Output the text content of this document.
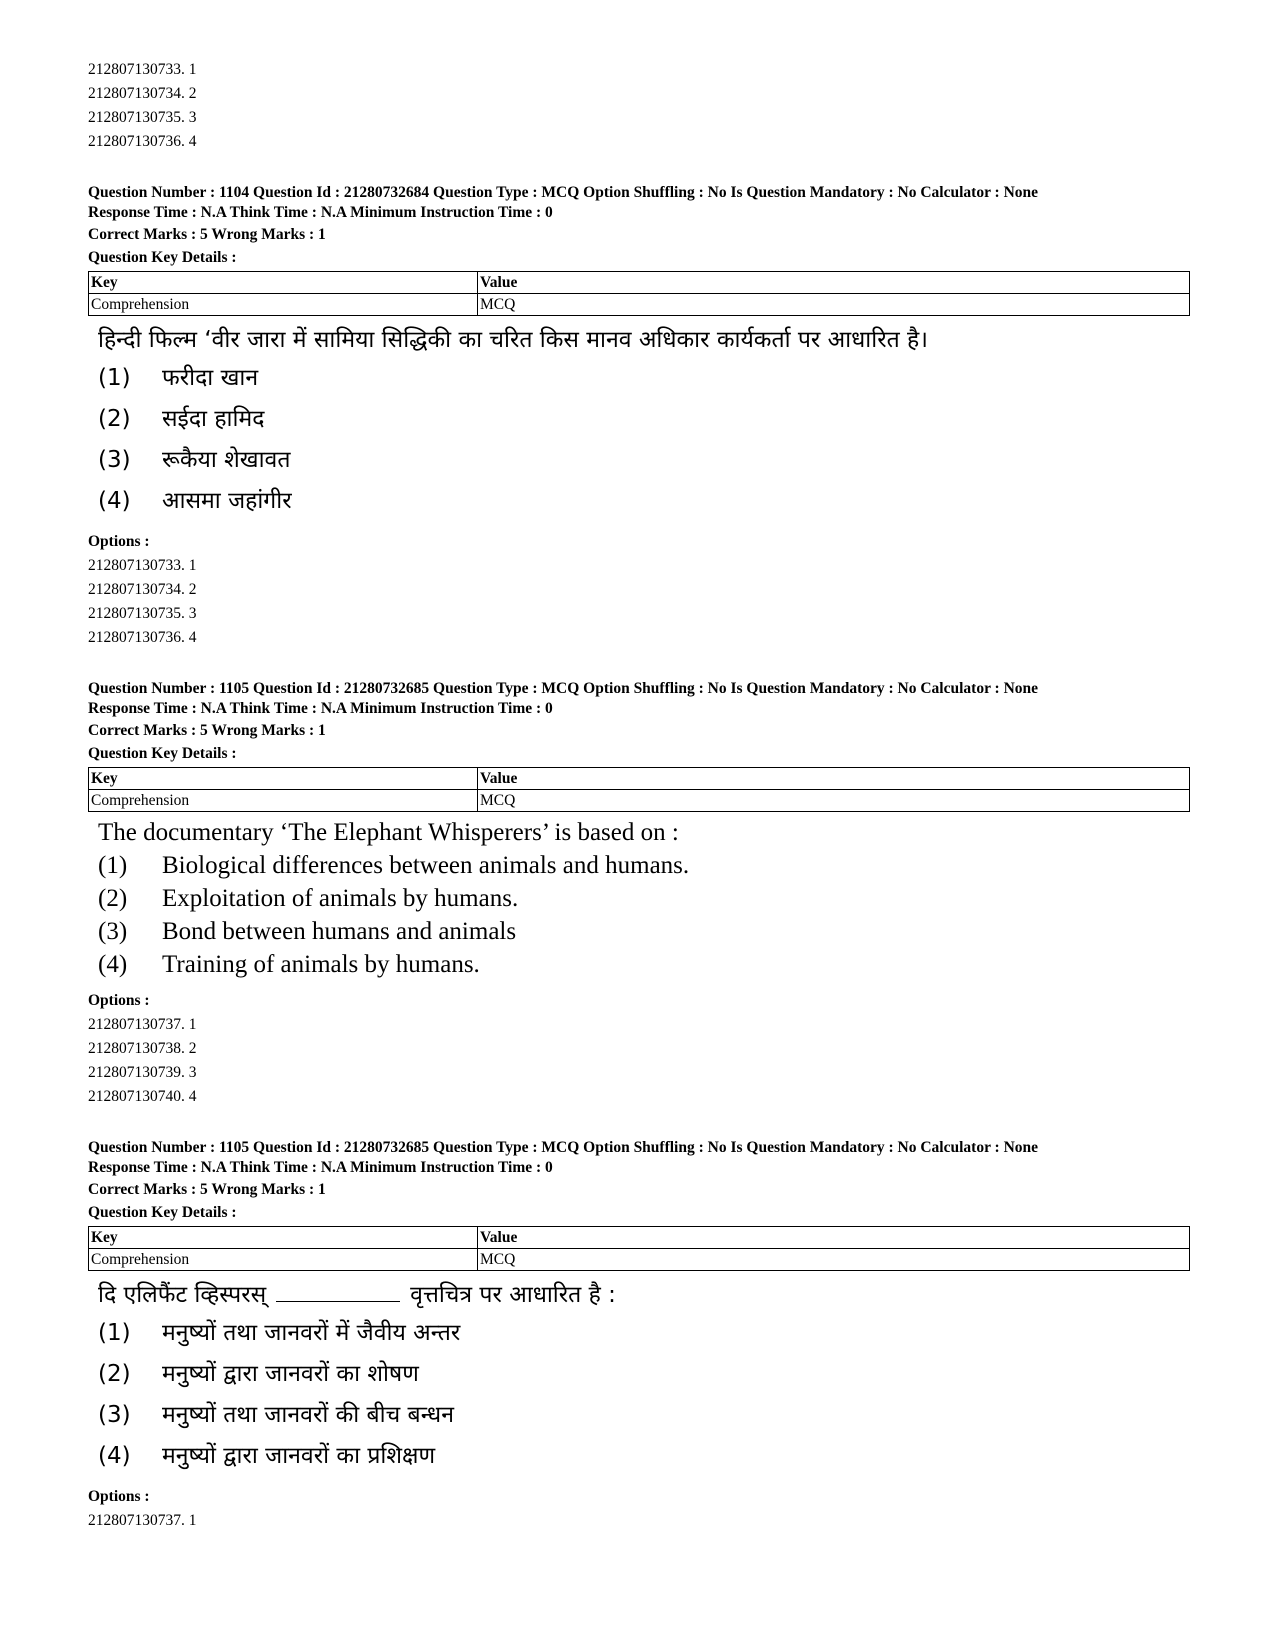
212807130733. 1
212807130734. 2
212807130735. 3
212807130736. 4
Question Number : 1104 Question Id : 21280732684 Question Type : MCQ Option Shuffling : No Is Question Mandatory : No Calculator : None
Response Time : N.A Think Time : N.A Minimum Instruction Time : 0
Correct Marks : 5 Wrong Marks : 1
Question Key Details :
Key	Value
Comprehension	MCQ
हिन्दी फिल्म ‘वीर जारा में सामिया सिद्धिकी का चरित किस मानव अधिकार कार्यकर्ता पर आधारित है।
(1)	फरीदा खान
(2)	सईदा हामिद
(3)	रूकैया शेखावत
(4)	आसमा जहांगीर
Options :
212807130733. 1
212807130734. 2
212807130735. 3
212807130736. 4
Question Number : 1105 Question Id : 21280732685 Question Type : MCQ Option Shuffling : No Is Question Mandatory : No Calculator : None
Response Time : N.A Think Time : N.A Minimum Instruction Time : 0
Correct Marks : 5 Wrong Marks : 1
Question Key Details :
Key	Value
Comprehension	MCQ
The documentary ‘The Elephant Whisperers’ is based on :
(1)	Biological differences between animals and humans.
(2)	Exploitation of animals by humans.
(3)	Bond between humans and animals
(4)	Training of animals by humans.
Options :
212807130737. 1
212807130738. 2
212807130739. 3
212807130740. 4
Question Number : 1105 Question Id : 21280732685 Question Type : MCQ Option Shuffling : No Is Question Mandatory : No Calculator : None
Response Time : N.A Think Time : N.A Minimum Instruction Time : 0
Correct Marks : 5 Wrong Marks : 1
Question Key Details :
Key	Value
Comprehension	MCQ
दि एलिफैंट व्हिस्परस्	वृत्तचित्र पर आधारित है :
(1)	मनुष्यों तथा जानवरों में जैवीय अन्तर
(2)	मनुष्यों द्वारा जानवरों का शोषण
(3)	मनुष्यों तथा जानवरों की बीच बन्धन
(4)	मनुष्यों द्वारा जानवरों का प्रशिक्षण
Options :
212807130737. 1
